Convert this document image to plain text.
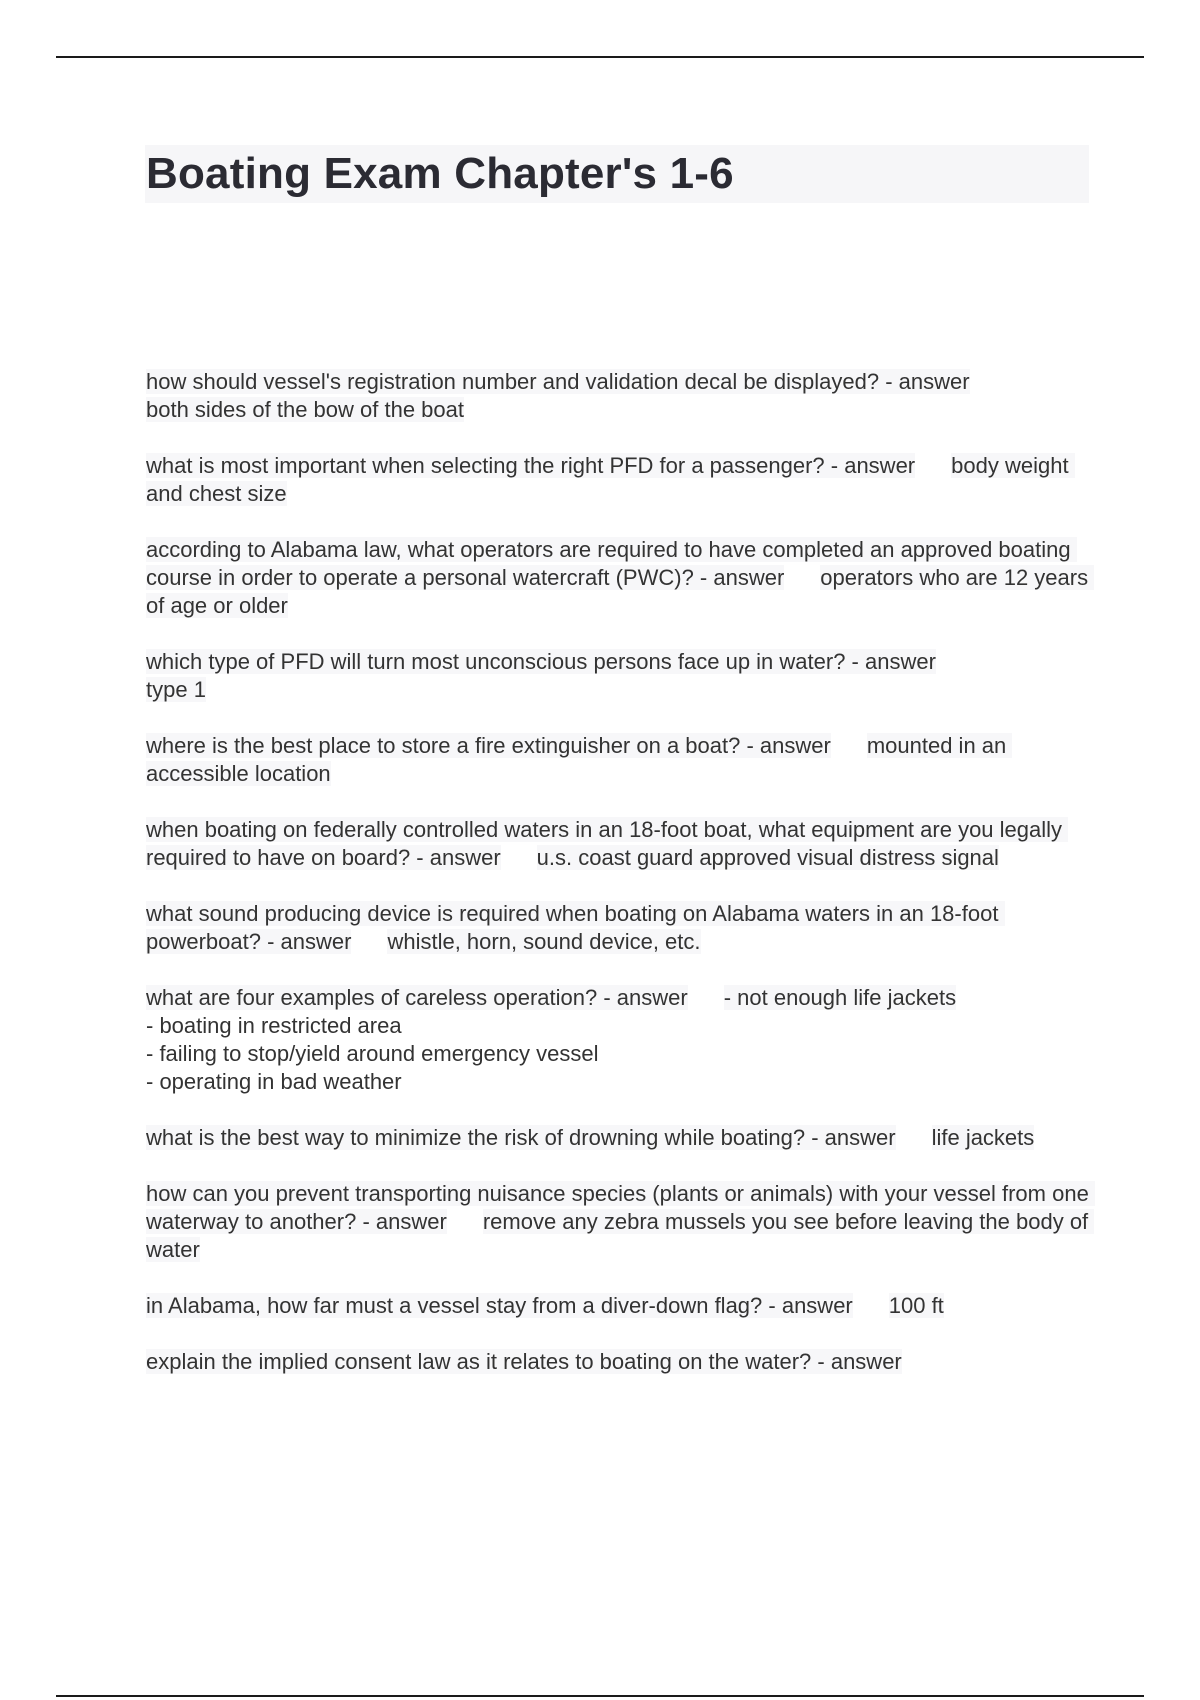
Boating Exam Chapter's 1-6
how should vessel's registration number and validation decal be displayed? - answer
both sides of the bow of the boat
what is most important when selecting the right PFD for a passenger? - answer body weight and chest size
according to Alabama law, what operators are required to have completed an approved boating course in order to operate a personal watercraft (PWC)? - answer operators who are 12 years of age or older
which type of PFD will turn most unconscious persons face up in water? - answer
type 1
where is the best place to store a fire extinguisher on a boat? - answer mounted in an accessible location
when boating on federally controlled waters in an 18-foot boat, what equipment are you legally required to have on board? - answer u.s. coast guard approved visual distress signal
what sound producing device is required when boating on Alabama waters in an 18-foot powerboat? - answer whistle, horn, sound device, etc.
what are four examples of careless operation? - answer - not enough life jackets
- boating in restricted area
- failing to stop/yield around emergency vessel
- operating in bad weather
what is the best way to minimize the risk of drowning while boating? - answer life jackets
how can you prevent transporting nuisance species (plants or animals) with your vessel from one waterway to another? - answer remove any zebra mussels you see before leaving the body of water
in Alabama, how far must a vessel stay from a diver-down flag? - answer 100 ft
explain the implied consent law as it relates to boating on the water? - answer
